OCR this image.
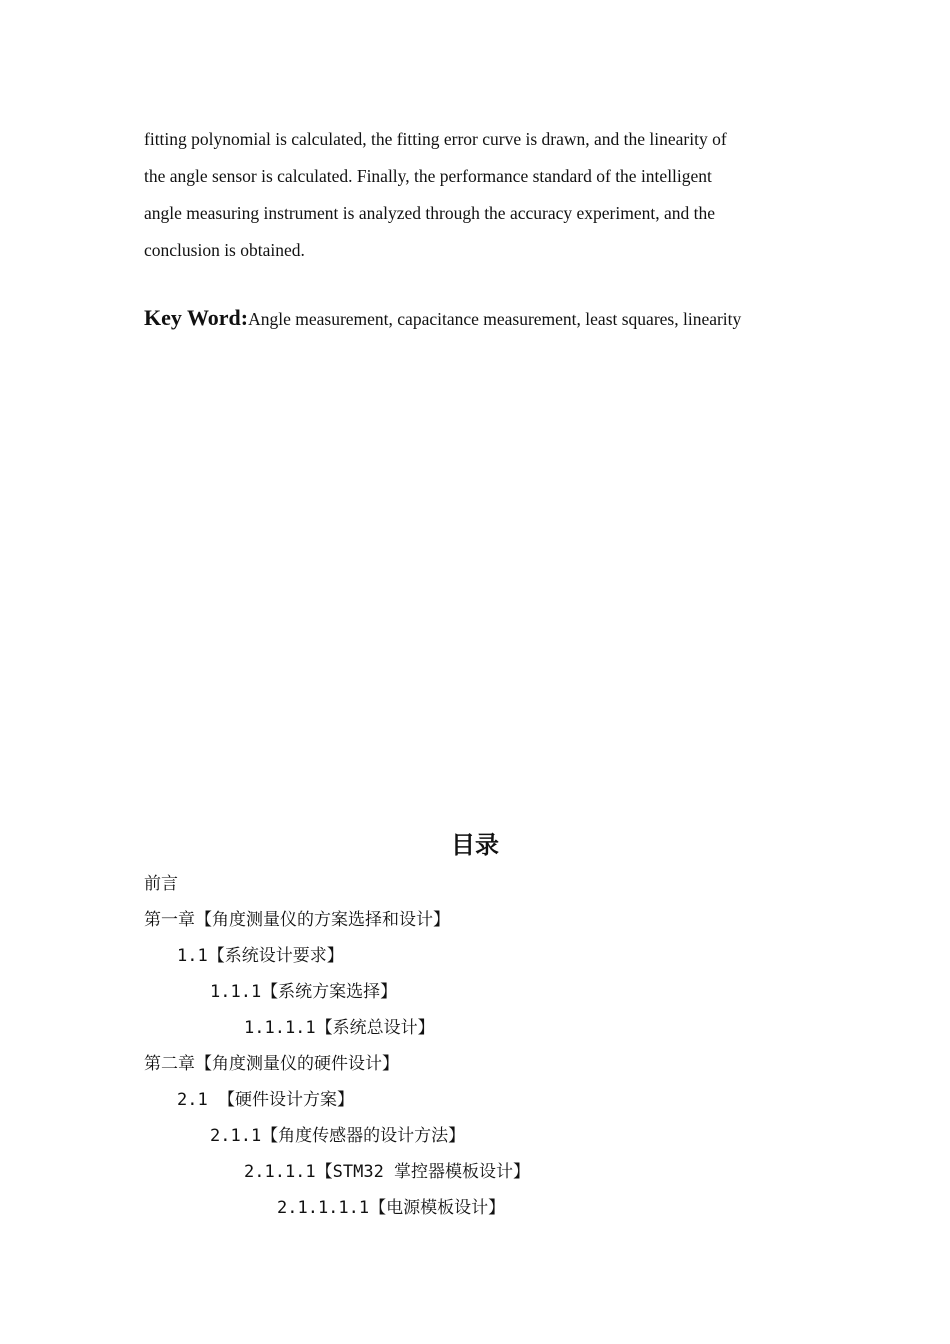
fitting polynomial is calculated, the fitting error curve is drawn, and the linearity of
the angle sensor is calculated. Finally, the performance standard of the intelligent
angle measuring instrument is analyzed through the accuracy experiment, and the
conclusion is obtained.

Key Word:Angle measurement, capacitance measurement, least squares, linearity
目录
前言
第一章【角度测量仪的方案选择和设计】
1.1【系统设计要求】
1.1.1【系统方案选择】
1.1.1.1【系统总设计】
第二章【角度测量仪的硬件设计】
2.1 【硬件设计方案】
2.1.1【角度传感器的设计方法】
2.1.1.1【STM32 掌控器模板设计】
2.1.1.1.1【电源模板设计】
